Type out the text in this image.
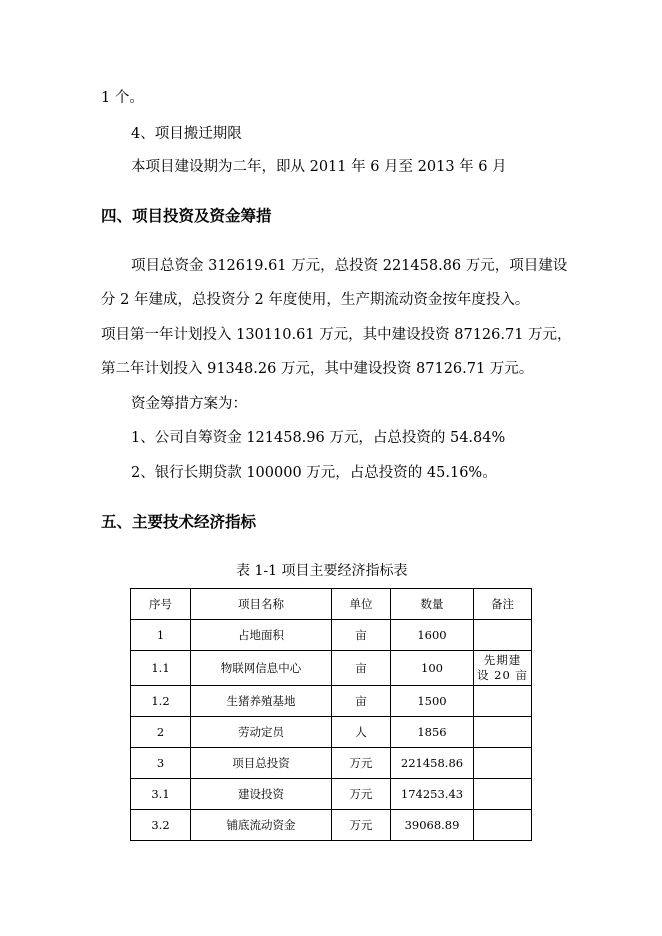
1 个。
4、项目搬迁期限
本项目建设期为二年，即从 2011 年 6 月至 2013 年 6 月
四、项目投资及资金筹措
项目总资金 312619.61 万元，总投资 221458.86 万元，项目建设
分 2 年建成，总投资分 2 年度使用，生产期流动资金按年度投入。
项目第一年计划投入 130110.61 万元，其中建设投资 87126.71 万元，
第二年计划投入 91348.26 万元，其中建设投资 87126.71 万元。
资金筹措方案为：
1、公司自筹资金 121458.96 万元，占总投资的 54.84%
2、银行长期贷款 100000 万元，占总投资的 45.16%。
五、主要技术经济指标
表 1-1 项目主要经济指标表
序号	项目名称	单位	数量	备注
1	占地面积	亩	1600	
1.1	物联网信息中心	亩	100	先期建
设 20 亩
1.2	生猪养殖基地	亩	1500	
2	劳动定员	人	1856	
3	项目总投资	万元	221458.86	
3.1	建设投资	万元	174253.43	
3.2	铺底流动资金	万元	39068.89	
